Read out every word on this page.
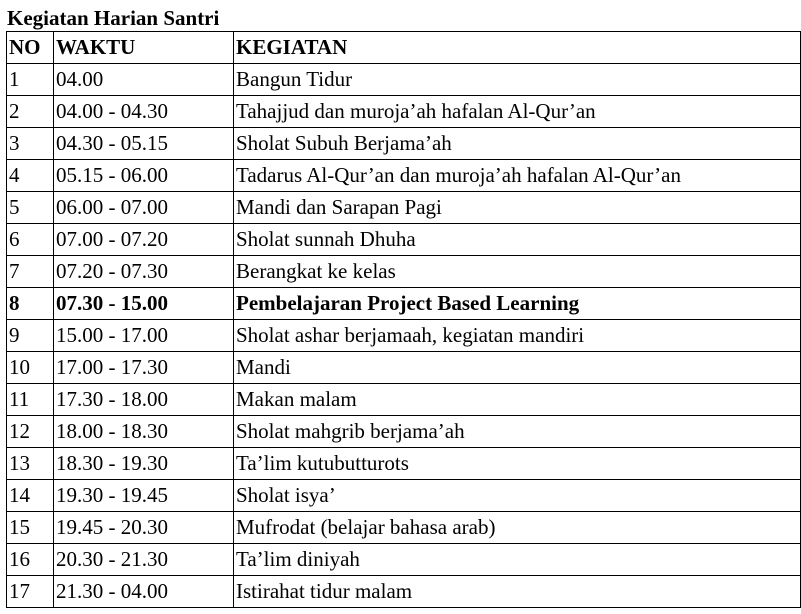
Kegiatan Harian Santri
NO	WAKTU	KEGIATAN
1	04.00	Bangun Tidur
2	04.00 - 04.30	Tahajjud dan muroja’ah hafalan Al-Qur’an
3	04.30 - 05.15	Sholat Subuh Berjama’ah
4	05.15 - 06.00	Tadarus Al-Qur’an dan muroja’ah hafalan Al-Qur’an
5	06.00 - 07.00	Mandi dan Sarapan Pagi
6	07.00 - 07.20	Sholat sunnah Dhuha
7	07.20 - 07.30	Berangkat ke kelas
8	07.30 - 15.00	Pembelajaran Project Based Learning
9	15.00 - 17.00	Sholat ashar berjamaah, kegiatan mandiri
10	17.00 - 17.30	Mandi
11	17.30 - 18.00	Makan malam
12	18.00 - 18.30	Sholat mahgrib berjama’ah
13	18.30 - 19.30	Ta’lim kutubutturots
14	19.30 - 19.45	Sholat isya’
15	19.45 - 20.30	Mufrodat (belajar bahasa arab)
16	20.30 - 21.30	Ta’lim diniyah
17	21.30 - 04.00	Istirahat tidur malam
